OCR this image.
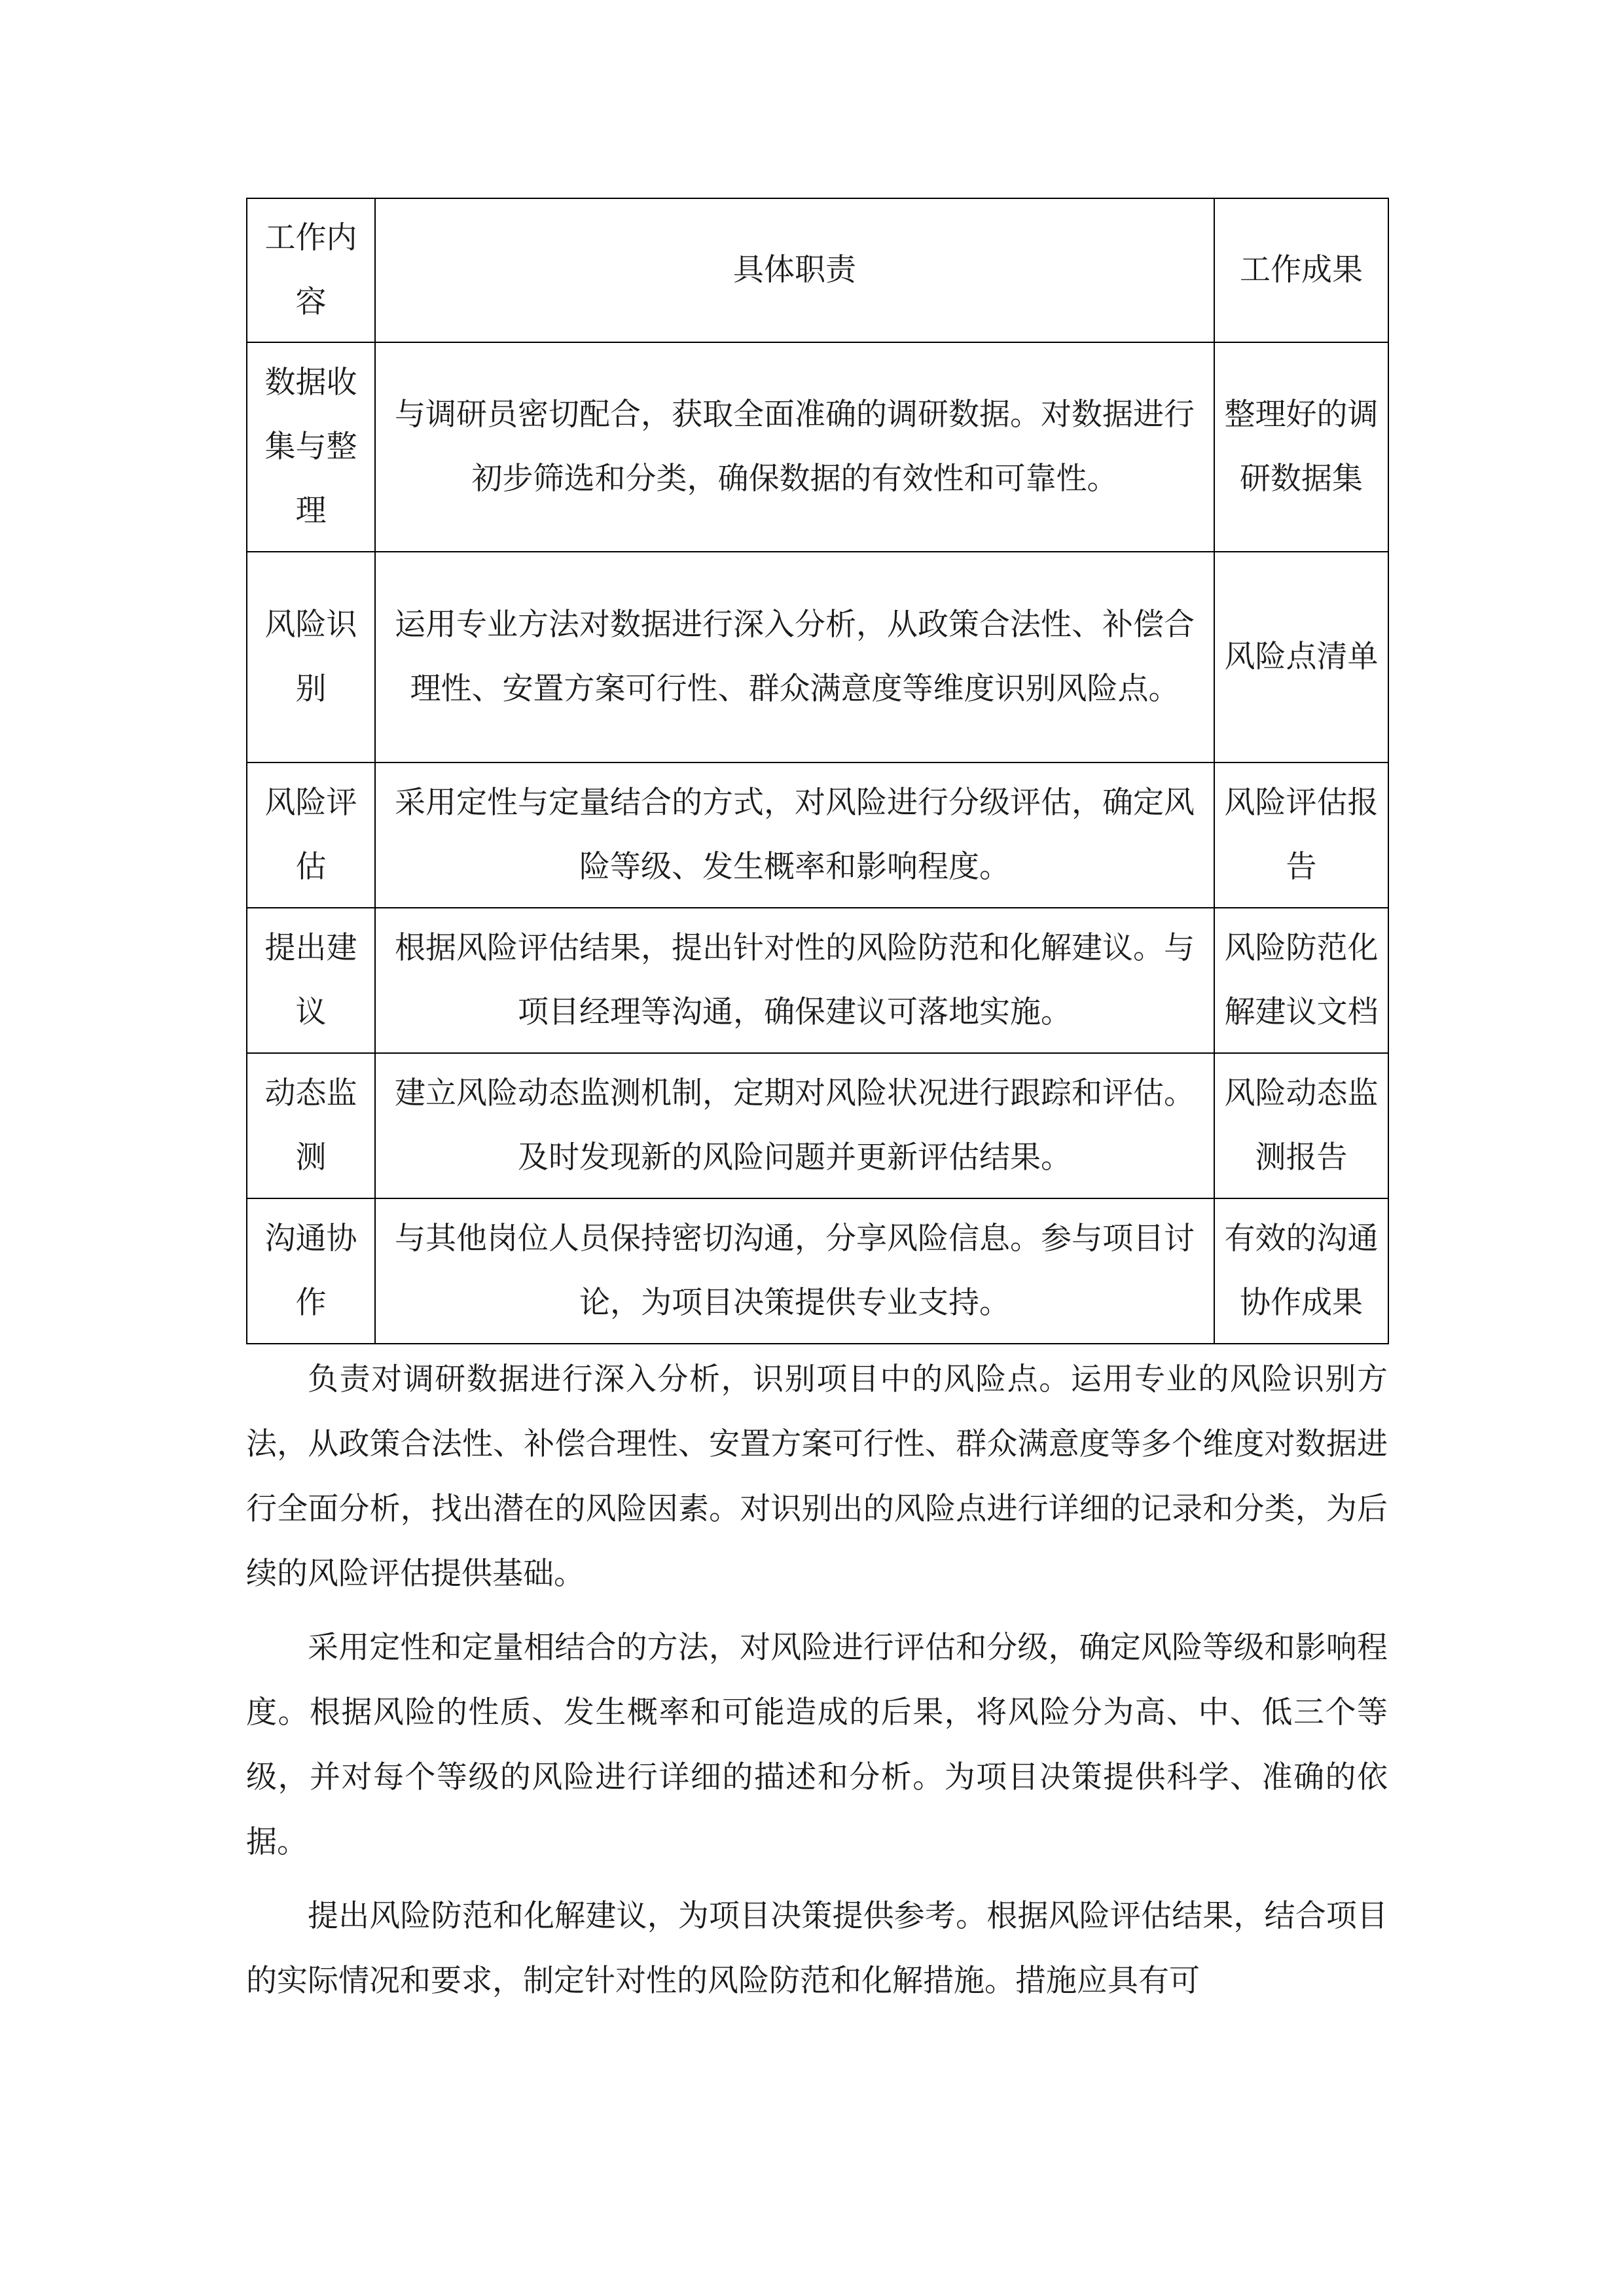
工作内容	具体职责	工作成果
数据收集与整理	与调研员密切配合，获取全面准确的调研数据。对数据进行初步筛选和分类，确保数据的有效性和可靠性。	整理好的调研数据集
风险识别	运用专业方法对数据进行深入分析，从政策合法性、补偿合理性、安置方案可行性、群众满意度等维度识别风险点。	风险点清单
风险评估	采用定性与定量结合的方式，对风险进行分级评估，确定风险等级、发生概率和影响程度。	风险评估报告
提出建议	根据风险评估结果，提出针对性的风险防范和化解建议。与项目经理等沟通，确保建议可落地实施。	风险防范化解建议文档
动态监测	建立风险动态监测机制，定期对风险状况进行跟踪和评估。及时发现新的风险问题并更新评估结果。	风险动态监测报告
沟通协作	与其他岗位人员保持密切沟通，分享风险信息。参与项目讨论，为项目决策提供专业支持。	有效的沟通协作成果

负责对调研数据进行深入分析，识别项目中的风险点。运用专业的风险识别方法，从政策合法性、补偿合理性、安置方案可行性、群众满意度等多个维度对数据进行全面分析，找出潜在的风险因素。对识别出的风险点进行详细的记录和分类，为后续的风险评估提供基础。

采用定性和定量相结合的方法，对风险进行评估和分级，确定风险等级和影响程度。根据风险的性质、发生概率和可能造成的后果，将风险分为高、中、低三个等级，并对每个等级的风险进行详细的描述和分析。为项目决策提供科学、准确的依据。

提出风险防范和化解建议，为项目决策提供参考。根据风险评估结果，结合项目的实际情况和要求，制定针对性的风险防范和化解措施。措施应具有可
